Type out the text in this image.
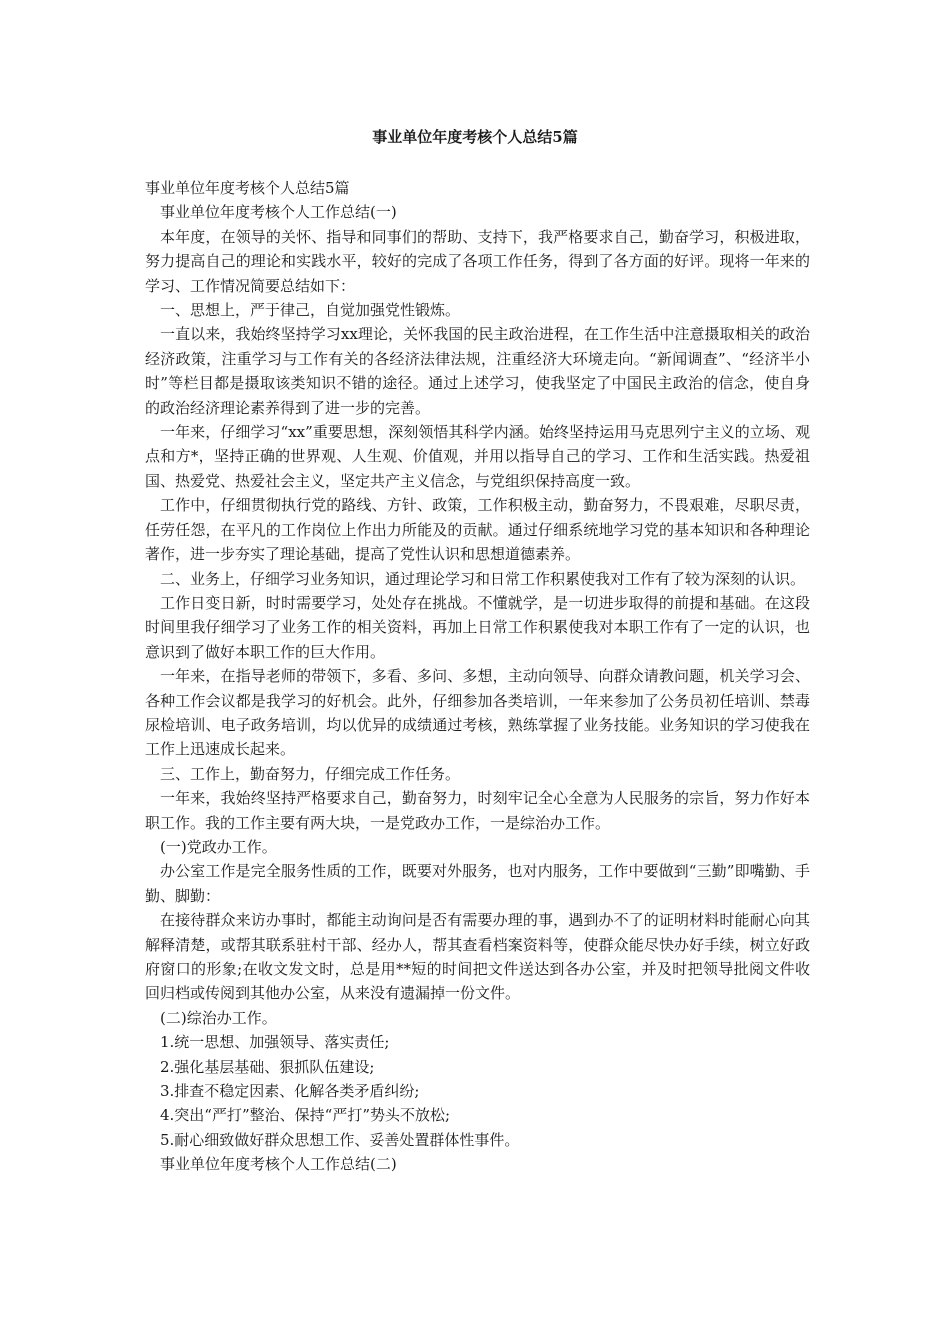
事业单位年度考核个人总结5篇

事业单位年度考核个人总结5篇

事业单位年度考核个人工作总结(一)

本年度，在领导的关怀、指导和同事们的帮助、支持下，我严格要求自己，勤奋学习，积极进取，努力提高自己的理论和实践水平，较好的完成了各项工作任务，得到了各方面的好评。现将一年来的学习、工作情况简要总结如下：

一、思想上，严于律己，自觉加强党性锻炼。

一直以来，我始终坚持学习xx理论，关怀我国的民主政治进程，在工作生活中注意摄取相关的政治经济政策，注重学习与工作有关的各经济法律法规，注重经济大环境走向。“新闻调查”、“经济半小时”等栏目都是摄取该类知识不错的途径。通过上述学习，使我坚定了中国民主政治的信念，使自身的政治经济理论素养得到了进一步的完善。

一年来，仔细学习“xx”重要思想，深刻领悟其科学内涵。始终坚持运用马克思列宁主义的立场、观点和方*，坚持正确的世界观、人生观、价值观，并用以指导自己的学习、工作和生活实践。热爱祖国、热爱党、热爱社会主义，坚定共产主义信念，与党组织保持高度一致。

工作中，仔细贯彻执行党的路线、方针、政策，工作积极主动，勤奋努力，不畏艰难，尽职尽责，任劳任怨，在平凡的工作岗位上作出力所能及的贡献。通过仔细系统地学习党的基本知识和各种理论著作，进一步夯实了理论基础，提高了党性认识和思想道德素养。

二、业务上，仔细学习业务知识，通过理论学习和日常工作积累使我对工作有了较为深刻的认识。

工作日变日新，时时需要学习，处处存在挑战。不懂就学，是一切进步取得的前提和基础。在这段时间里我仔细学习了业务工作的相关资料，再加上日常工作积累使我对本职工作有了一定的认识，也意识到了做好本职工作的巨大作用。

一年来，在指导老师的带领下，多看、多问、多想，主动向领导、向群众请教问题，机关学习会、各种工作会议都是我学习的好机会。此外，仔细参加各类培训，一年来参加了公务员初任培训、禁毒尿检培训、电子政务培训，均以优异的成绩通过考核，熟练掌握了业务技能。业务知识的学习使我在工作上迅速成长起来。

三、工作上，勤奋努力，仔细完成工作任务。

一年来，我始终坚持严格要求自己，勤奋努力，时刻牢记全心全意为人民服务的宗旨，努力作好本职工作。我的工作主要有两大块，一是党政办工作，一是综治办工作。

(一)党政办工作。

办公室工作是完全服务性质的工作，既要对外服务，也对内服务，工作中要做到“三勤”即嘴勤、手勤、脚勤：

在接待群众来访办事时，都能主动询问是否有需要办理的事，遇到办不了的证明材料时能耐心向其解释清楚，或帮其联系驻村干部、经办人，帮其查看档案资料等，使群众能尽快办好手续，树立好政府窗口的形象;在收文发文时，总是用**短的时间把文件送达到各办公室，并及时把领导批阅文件收回归档或传阅到其他办公室，从来没有遗漏掉一份文件。

(二)综治办工作。

1.统一思想、加强领导、落实责任;

2.强化基层基础、狠抓队伍建设;

3.排查不稳定因素、化解各类矛盾纠纷;

4.突出“严打”整治、保持“严打”势头不放松;

5.耐心细致做好群众思想工作、妥善处置群体性事件。

事业单位年度考核个人工作总结(二)
